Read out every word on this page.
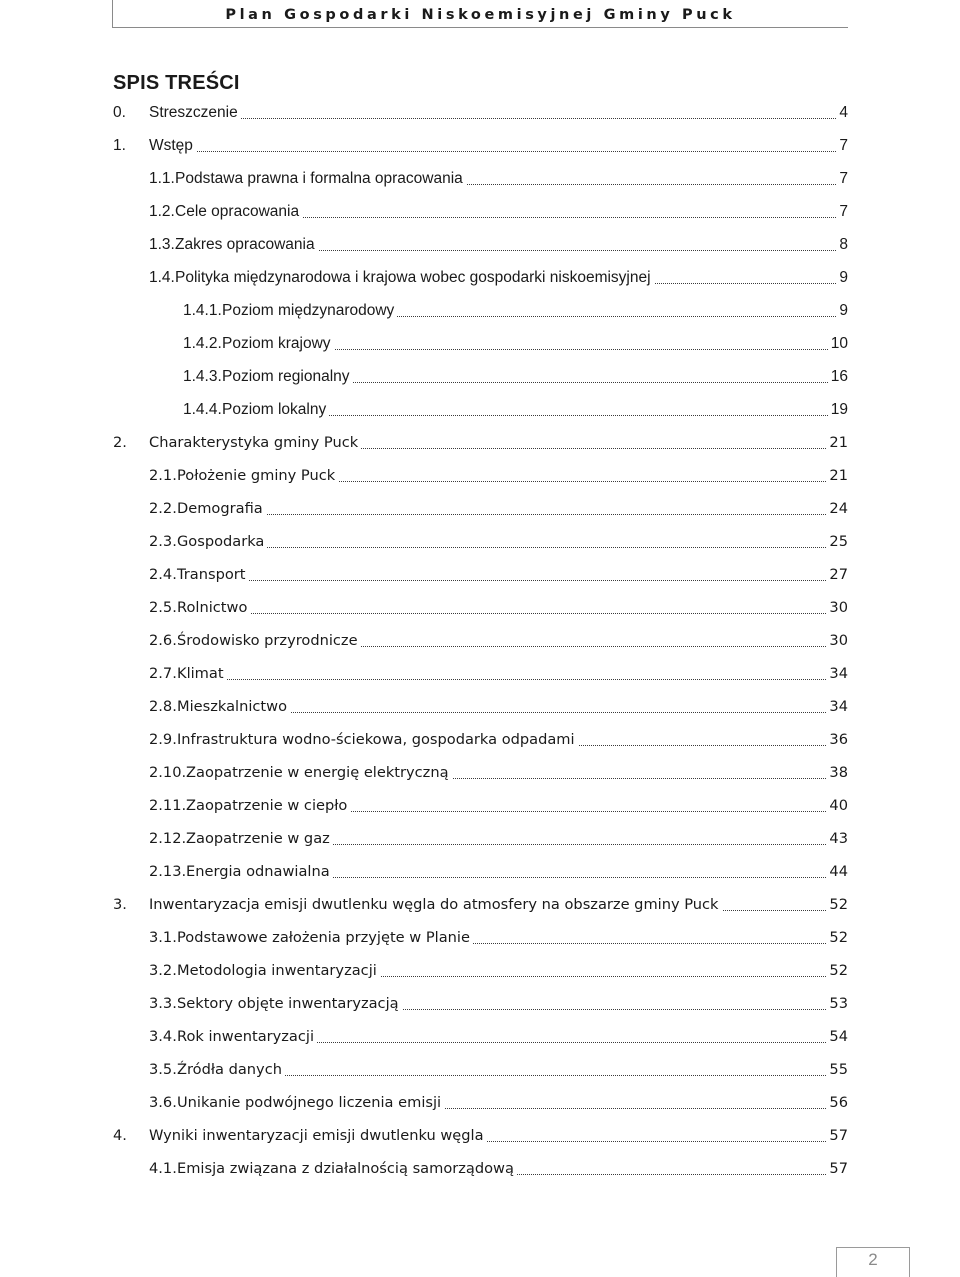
Plan Gospodarki Niskoemisyjnej Gminy Puck
SPIS TREŚCI
0. Streszczenie	4
1. Wstęp	7
1.1. Podstawa prawna i formalna opracowania	7
1.2. Cele opracowania	7
1.3. Zakres opracowania	8
1.4. Polityka międzynarodowa i krajowa wobec gospodarki niskoemisyjnej	9
1.4.1. Poziom międzynarodowy	9
1.4.2. Poziom krajowy	10
1.4.3. Poziom regionalny	16
1.4.4. Poziom lokalny	19
2. Charakterystyka gminy Puck	21
2.1. Położenie gminy Puck	21
2.2. Demografia	24
2.3. Gospodarka	25
2.4. Transport	27
2.5. Rolnictwo	30
2.6. Środowisko przyrodnicze	30
2.7. Klimat	34
2.8. Mieszkalnictwo	34
2.9. Infrastruktura wodno-ściekowa, gospodarka odpadami	36
2.10. Zaopatrzenie w energię elektryczną	38
2.11. Zaopatrzenie w ciepło	40
2.12. Zaopatrzenie w gaz	43
2.13. Energia odnawialna	44
3. Inwentaryzacja emisji dwutlenku węgla do atmosfery na obszarze gminy Puck	52
3.1. Podstawowe założenia przyjęte w Planie	52
3.2. Metodologia inwentaryzacji	52
3.3. Sektory objęte inwentaryzacją	53
3.4. Rok inwentaryzacji	54
3.5. Źródła danych	55
3.6. Unikanie podwójnego liczenia emisji	56
4. Wyniki inwentaryzacji emisji dwutlenku węgla	57
4.1. Emisja związana z działalnością samorządową	57
2
